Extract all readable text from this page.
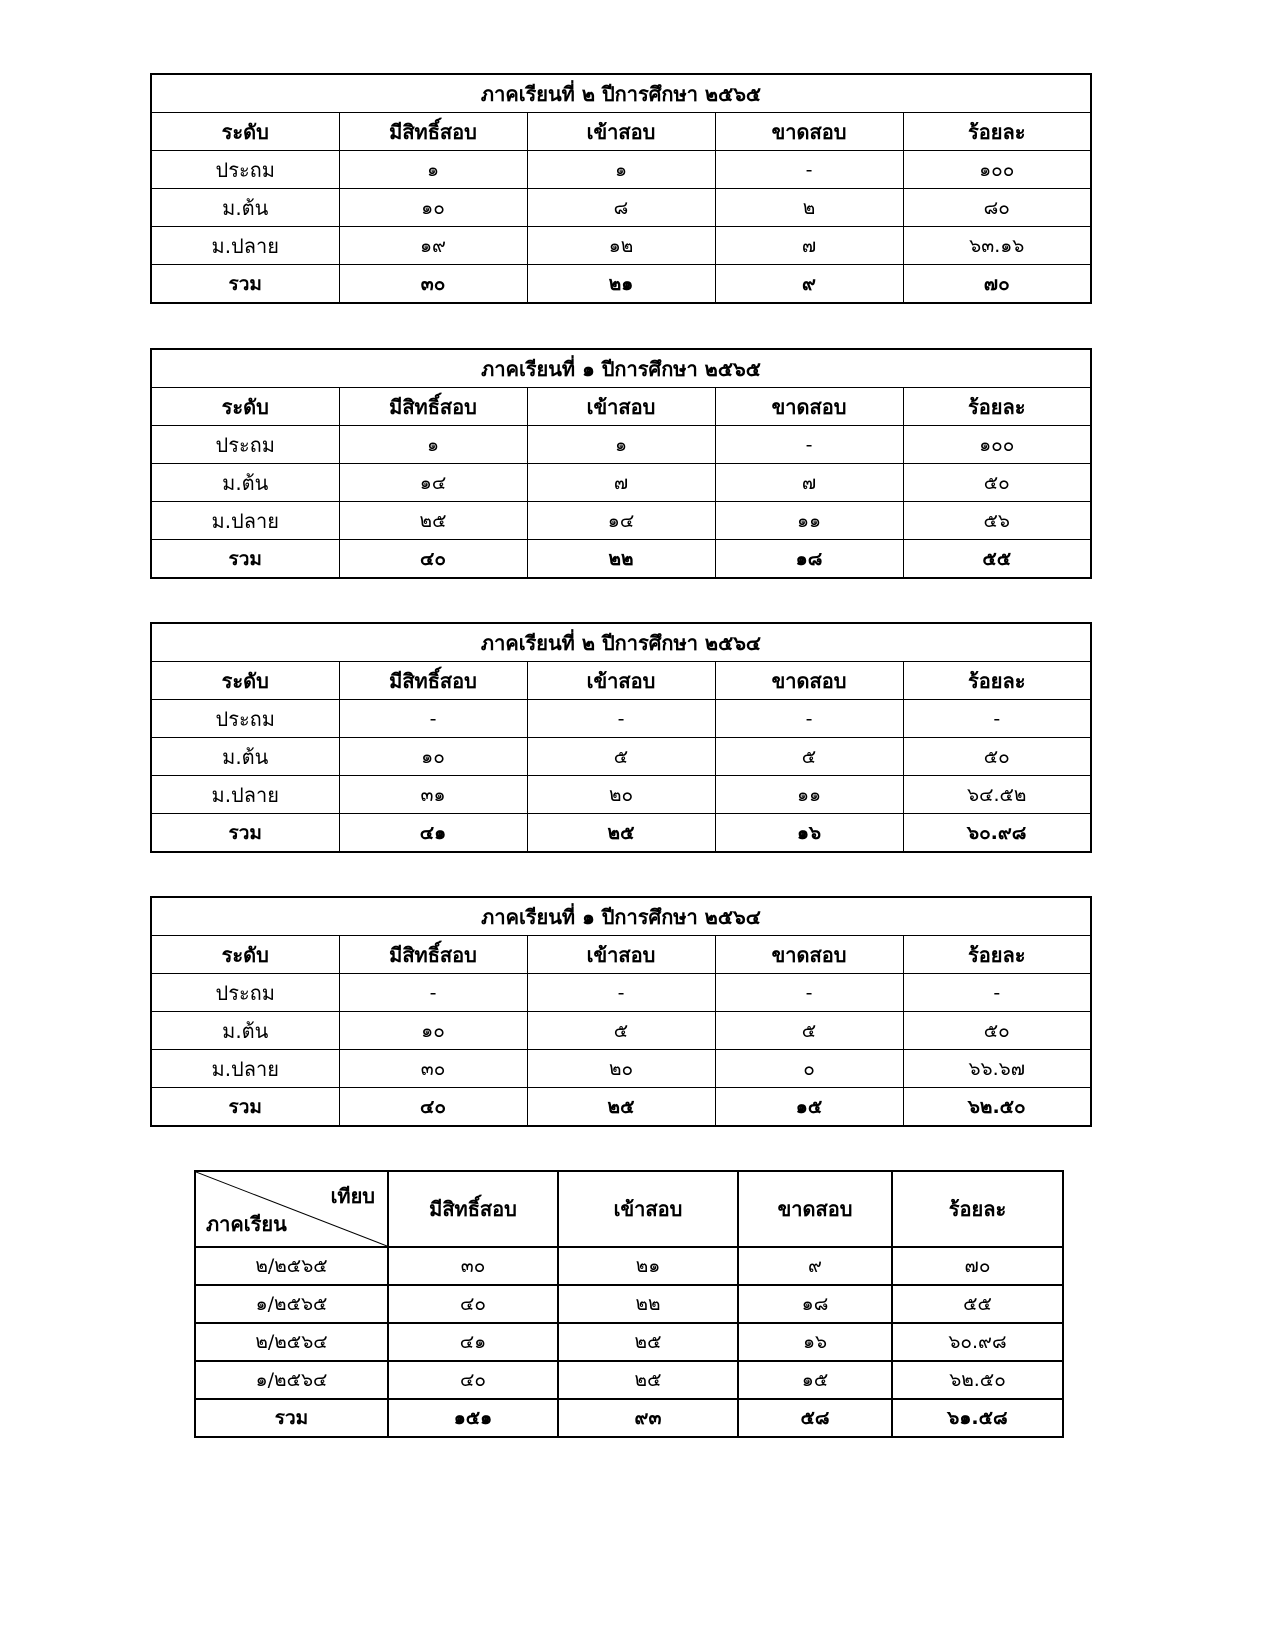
ภาคเรียนที่ ๒ ปีการศึกษา ๒๕๖๕				
ระดับ	มีสิทธิ์สอบ	เข้าสอบ	ขาดสอบ	ร้อยละ
ประถม	๑	๑	-	๑๐๐
ม.ต้น	๑๐	๘	๒	๘๐
ม.ปลาย	๑๙	๑๒	๗	๖๓.๑๖
รวม	๓๐	๒๑	๙	๗๐
ภาคเรียนที่ ๑ ปีการศึกษา ๒๕๖๕				
ระดับ	มีสิทธิ์สอบ	เข้าสอบ	ขาดสอบ	ร้อยละ
ประถม	๑	๑	-	๑๐๐
ม.ต้น	๑๔	๗	๗	๕๐
ม.ปลาย	๒๕	๑๔	๑๑	๕๖
รวม	๔๐	๒๒	๑๘	๕๕
ภาคเรียนที่ ๒ ปีการศึกษา ๒๕๖๔				
ระดับ	มีสิทธิ์สอบ	เข้าสอบ	ขาดสอบ	ร้อยละ
ประถม	-	-	-	-
ม.ต้น	๑๐	๕	๕	๕๐
ม.ปลาย	๓๑	๒๐	๑๑	๖๔.๕๒
รวม	๔๑	๒๕	๑๖	๖๐.๙๘
ภาคเรียนที่ ๑ ปีการศึกษา ๒๕๖๔				
ระดับ	มีสิทธิ์สอบ	เข้าสอบ	ขาดสอบ	ร้อยละ
ประถม	-	-	-	-
ม.ต้น	๑๐	๕	๕	๕๐
ม.ปลาย	๓๐	๒๐	๐	๖๖.๖๗
รวม	๔๐	๒๕	๑๕	๖๒.๕๐
เทียบ
ภาคเรียน	มีสิทธิ์สอบ	เข้าสอบ	ขาดสอบ	ร้อยละ
๒/๒๕๖๕	๓๐	๒๑	๙	๗๐
๑/๒๕๖๕	๔๐	๒๒	๑๘	๕๕
๒/๒๕๖๔	๔๑	๒๕	๑๖	๖๐.๙๘
๑/๒๕๖๔	๔๐	๒๕	๑๕	๖๒.๕๐
รวม	๑๕๑	๙๓	๕๘	๖๑.๕๘
